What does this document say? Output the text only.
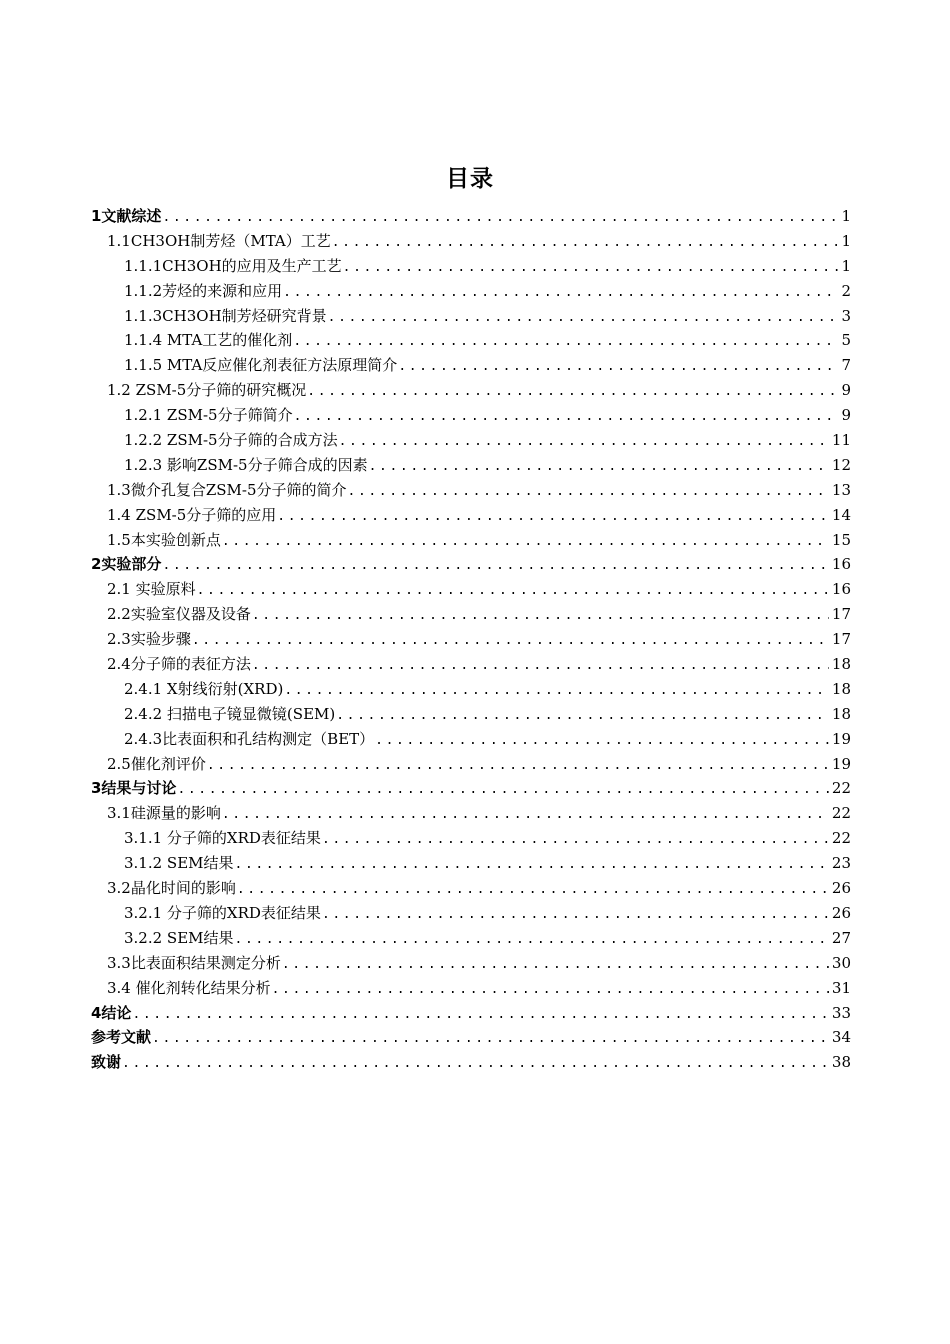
目录
1文献综述 .....	1
1.1CH3OH制芳烃（MTA）工艺 .....	1
1.1.1CH3OH的应用及生产工艺 .....	1
1.1.2芳烃的来源和应用 .....	2
1.1.3CH3OH制芳烃研究背景 .....	3
1.1.4 MTA工艺的催化剂 .....	5
1.1.5 MTA反应催化剂表征方法原理简介 .....	7
1.2 ZSM-5分子筛的研究概况 .....	9
1.2.1 ZSM-5分子筛简介 .....	9
1.2.2 ZSM-5分子筛的合成方法 .....	11
1.2.3 影响ZSM-5分子筛合成的因素 .....	12
1.3微介孔复合ZSM-5分子筛的简介 .....	13
1.4 ZSM-5分子筛的应用 .....	14
1.5本实验创新点 .....	15
2实验部分 .....	16
2.1 实验原料 .....	16
2.2实验室仪器及设备 .....	17
2.3实验步骤 .....	17
2.4分子筛的表征方法 .....	18
2.4.1 X射线衍射(XRD) .....	18
2.4.2 扫描电子镜显微镜(SEM) .....	18
2.4.3比表面积和孔结构测定（BET） .....	19
2.5催化剂评价 .....	19
3结果与讨论 .....	22
3.1硅源量的影响 .....	22
3.1.1 分子筛的XRD表征结果 .....	22
3.1.2 SEM结果 .....	23
3.2晶化时间的影响 .....	26
3.2.1 分子筛的XRD表征结果 .....	26
3.2.2 SEM结果 .....	27
3.3比表面积结果测定分析 .....	30
3.4 催化剂转化结果分析 .....	31
4结论 .....	33
参考文献 .....	34
致谢 .....	38
